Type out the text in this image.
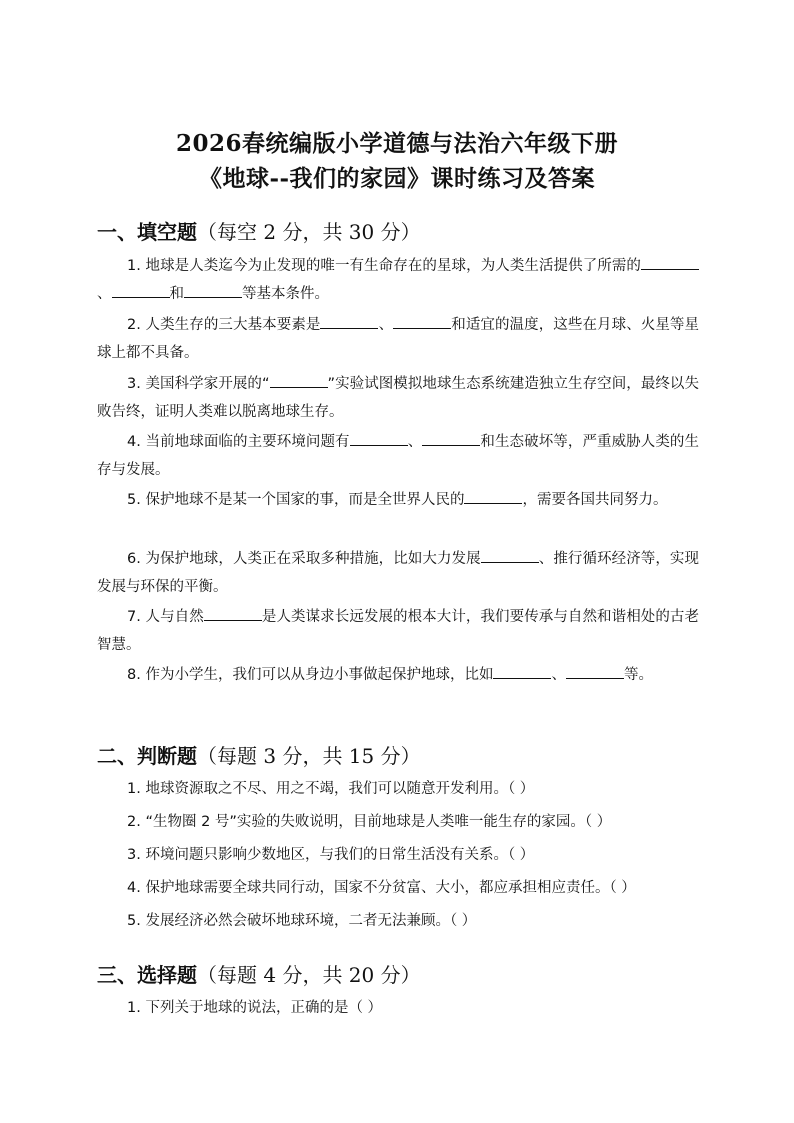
2026春统编版小学道德与法治六年级下册
《地球--我们的家园》课时练习及答案
一、填空题（每空 2 分，共 30 分）
1. 地球是人类迄今为止发现的唯一有生命存在的星球，为人类生活提供了所需的、	和	等基本条件。
2. 人类生存的三大基本要素是	、	和适宜的温度，这些在月球、火星等星球上都不具备。
3. 美国科学家开展的“	”实验试图模拟地球生态系统建造独立生存空间，最终以失败告终，证明人类难以脱离地球生存。
4. 当前地球面临的主要环境问题有	、	和生态破坏等，严重威胁人类的生存与发展。
5. 保护地球不是某一个国家的事，而是全世界人民的	，需要各国共同努力。
6. 为保护地球，人类正在采取多种措施，比如大力发展	、推行循环经济等，实现发展与环保的平衡。
7. 人与自然	是人类谋求长远发展的根本大计，我们要传承与自然和谐相处的古老智慧。
8. 作为小学生，我们可以从身边小事做起保护地球，比如	、	等。
二、判断题（每题 3 分，共 15 分）
1. 地球资源取之不尽、用之不竭，我们可以随意开发利用。（ ）
2. “生物圈 2 号”实验的失败说明，目前地球是人类唯一能生存的家园。（ ）
3. 环境问题只影响少数地区，与我们的日常生活没有关系。（ ）
4. 保护地球需要全球共同行动，国家不分贫富、大小，都应承担相应责任。（ ）
5. 发展经济必然会破坏地球环境，二者无法兼顾。（ ）
三、选择题（每题 4 分，共 20 分）
1. 下列关于地球的说法，正确的是（ ）
